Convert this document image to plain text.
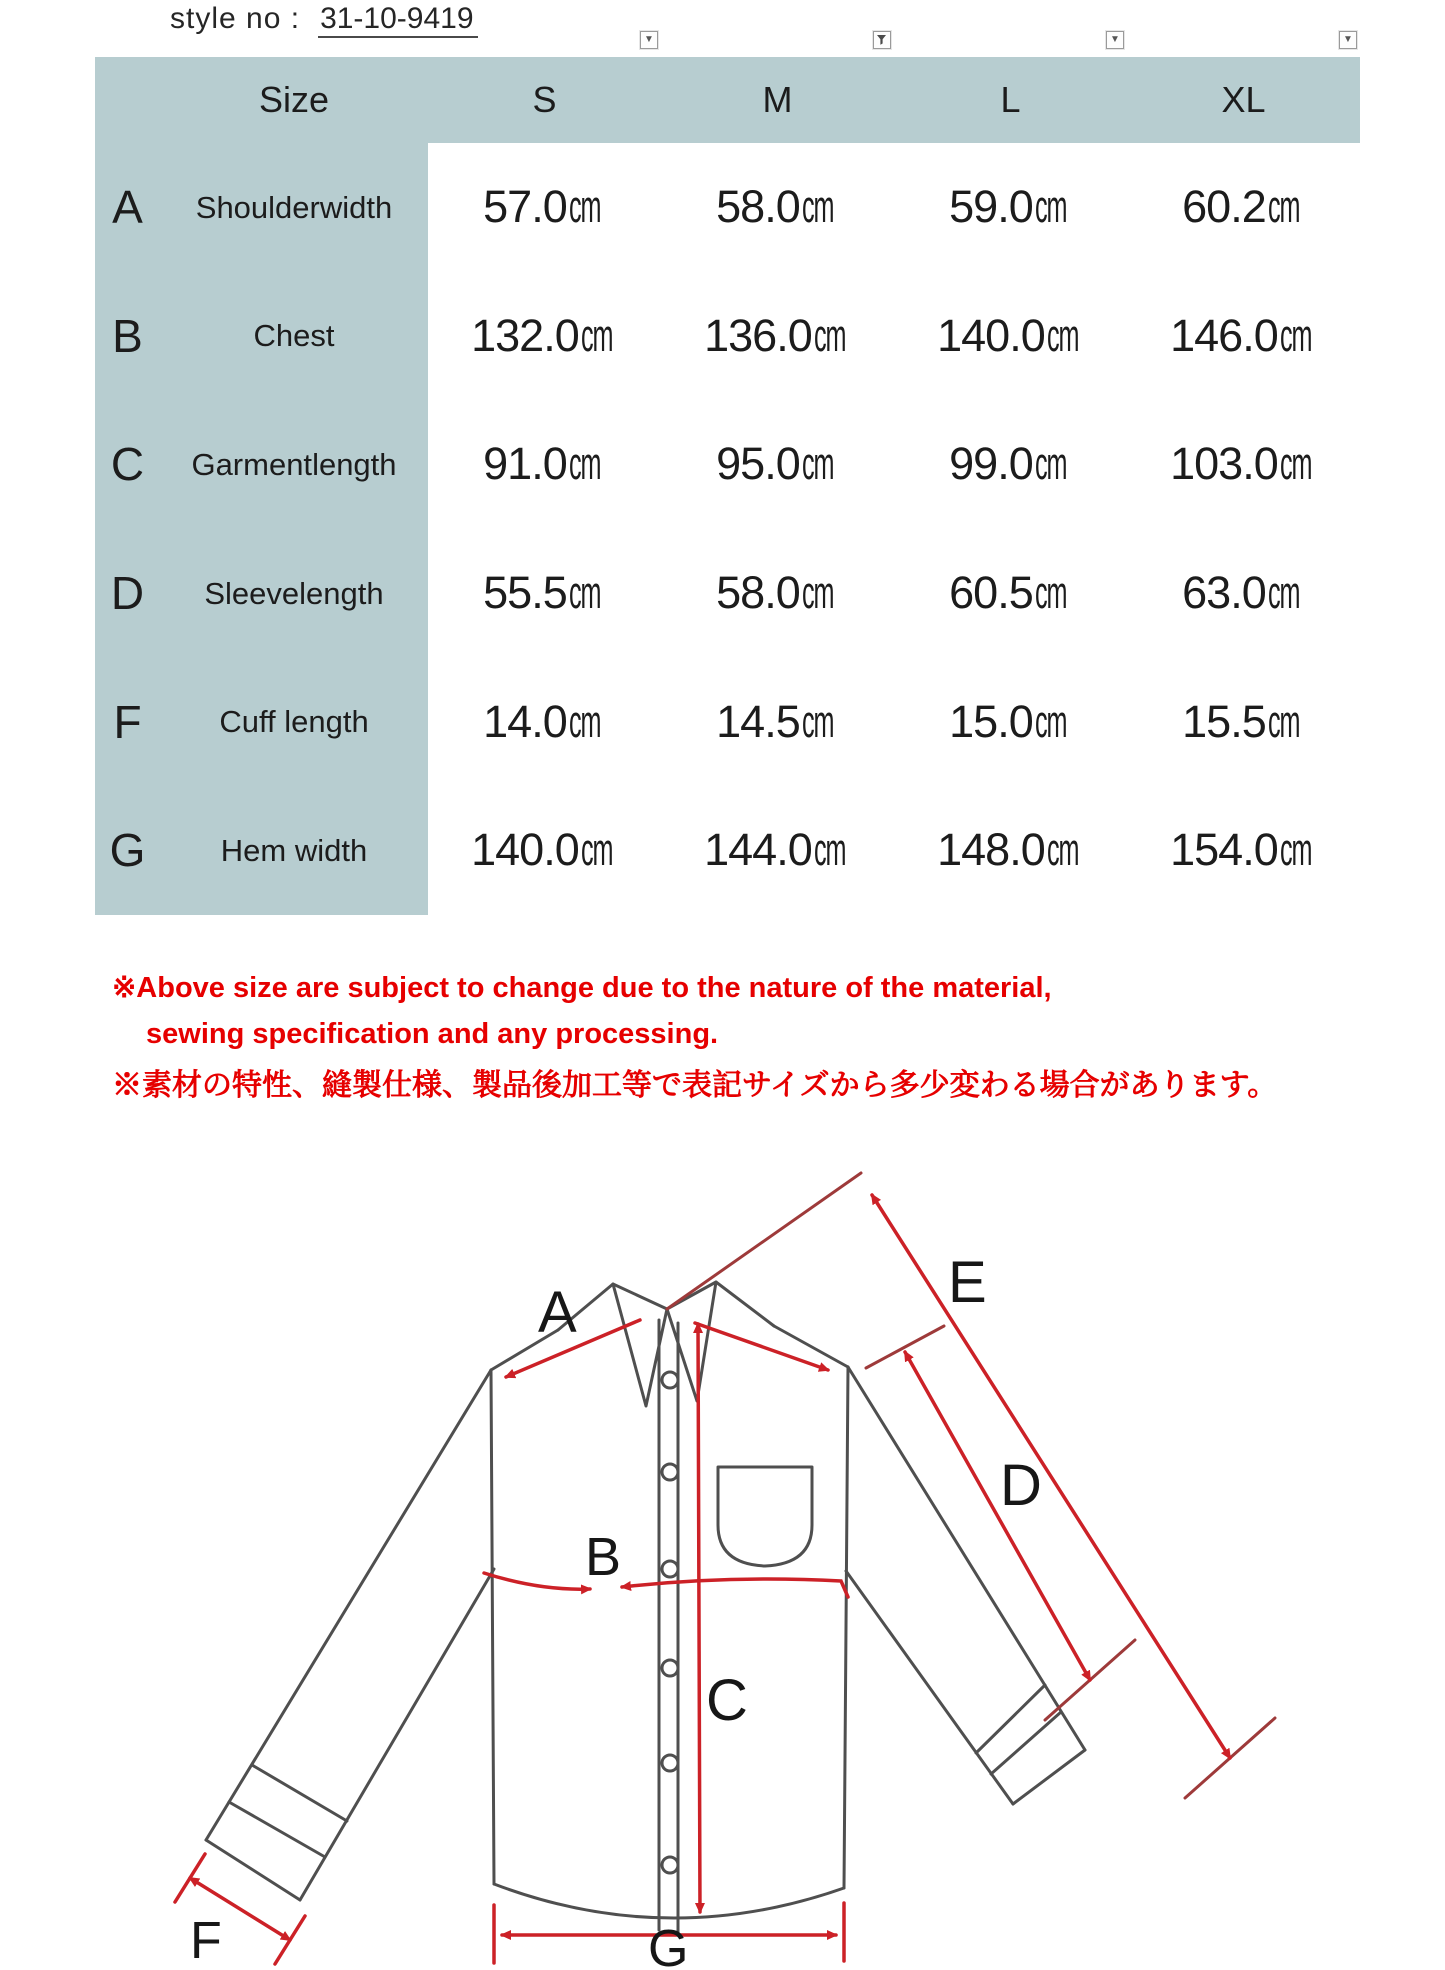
style no : 31-10-9419
Size	S	M	L	XL
A	Shoulder width 57.0 cm	58.0 cm	59.0 cm	60.2 cm
B	Chest	132.0 cm 136.0 cm 140.0 cm 146.0 cm
C	Garment length 91.0 cm	95.0 cm	99.0 cm 103.0 cm
D	Sleeve length 55.5 cm	58.0 cm	60.5 cm	63.0 cm
F	Cuff length	14.0 cm	14.5 cm	15.0 cm	15.5 cm
G	Hem width 140.0 cm 144.0 cm 148.0 cm 154.0 cm
▼	▼	▼
※Above size are subject to change due to the nature of the material,
sewing specification and any processing.
※素材の特性、縫製仕様、製品後加工等で表記サイズから多少変わる場合があります。
A
B
C
D
E
F	G
